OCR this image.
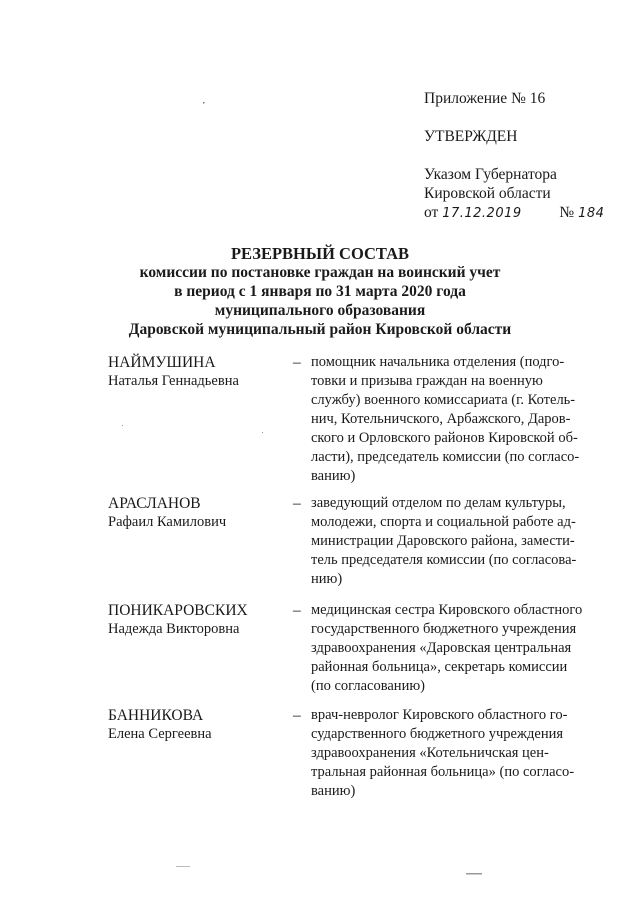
Приложение № 16
УТВЕРЖДЕН
Указом Губернатора
Кировской области
от 17.12.2019 № 184
РЕЗЕРВНЫЙ СОСТАВ
комиссии по постановке граждан на воинский учет
в период с 1 января по 31 марта 2020 года
муниципального образования
Даровской муниципальный район Кировской области
НАЙМУШИНА
Наталья Геннадьевна
– помощник начальника отделения (подго-
товки и призыва граждан на военную
службу) военного комиссариата (г. Котель-
нич, Котельничского, Арбажского, Даров-
ского и Орловского районов Кировской об-
ласти), председатель комиссии (по согласо-
ванию)
АРАСЛАНОВ
Рафаил Камилович
– заведующий отделом по делам культуры,
молодежи, спорта и социальной работе ад-
министрации Даровского района, замести-
тель председателя комиссии (по согласова-
нию)
ПОНИКАРОВСКИХ
Надежда Викторовна
– медицинская сестра Кировского областного
государственного бюджетного учреждения
здравоохранения «Даровская центральная
районная больница», секретарь комиссии
(по согласованию)
БАННИКОВА
Елена Сергеевна
– врач-невролог Кировского областного го-
сударственного бюджетного учреждения
здравоохранения «Котельничская цен-
тральная районная больница» (по согласо-
ванию)
